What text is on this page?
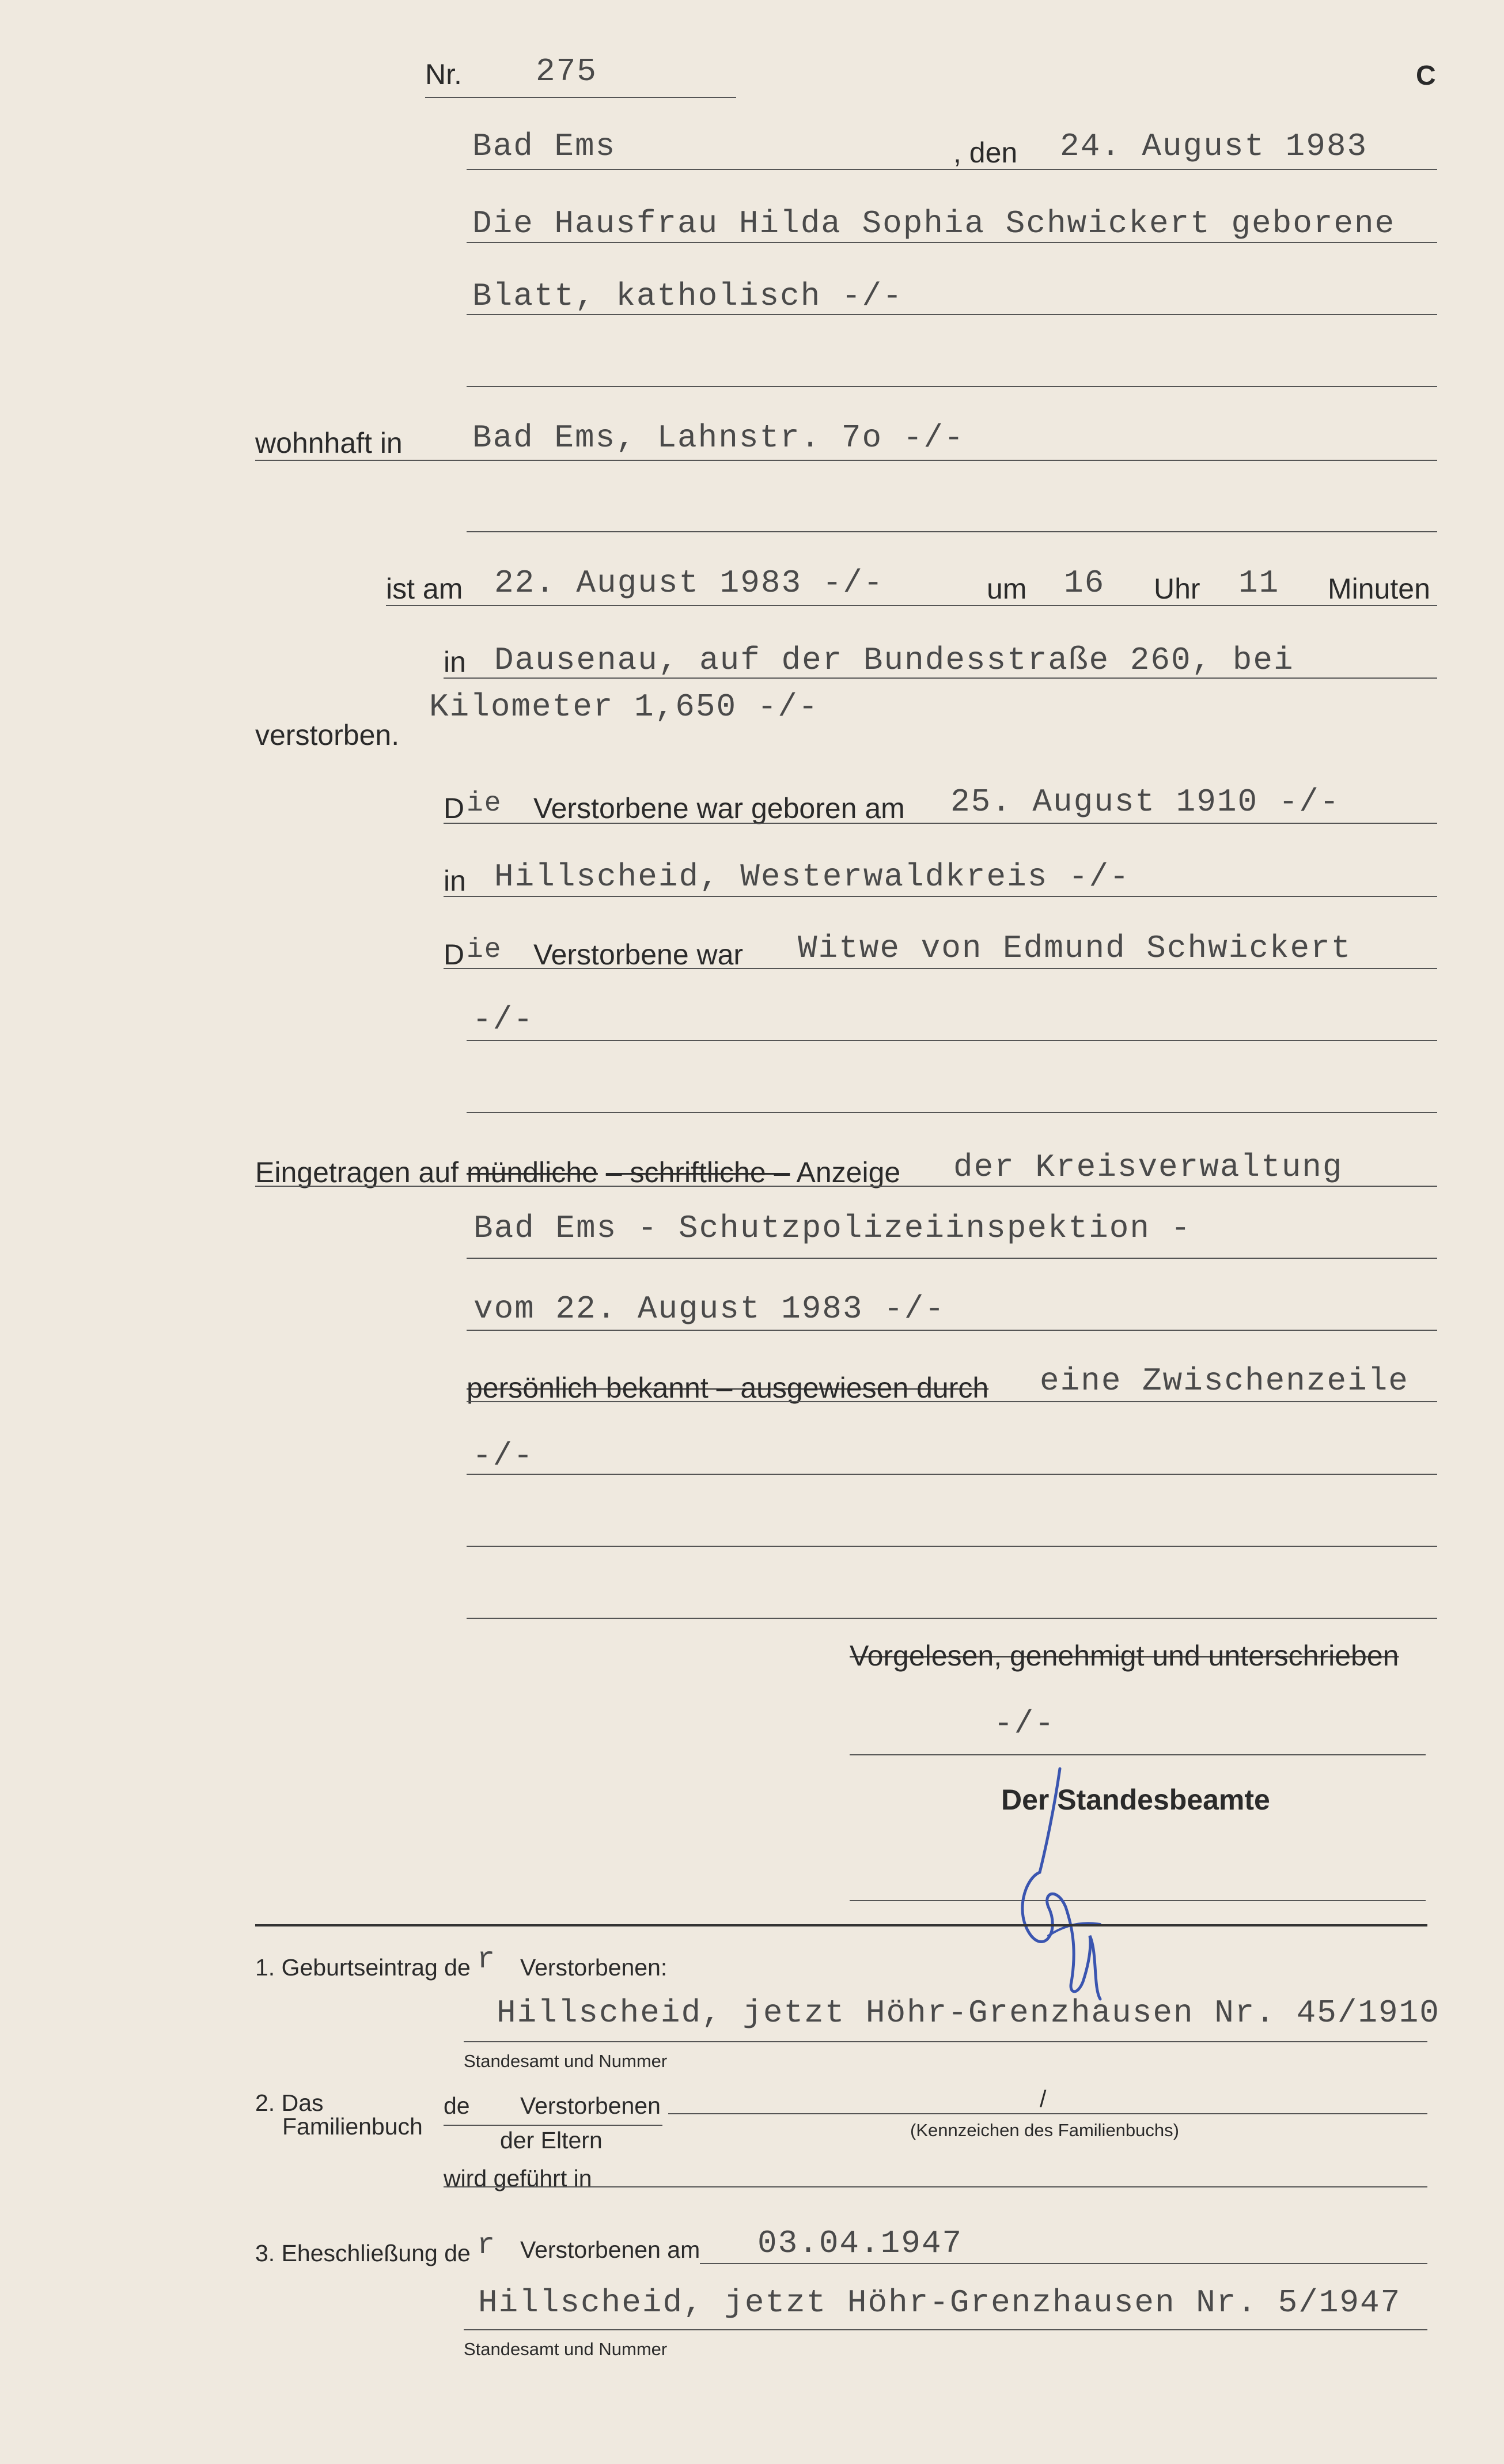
Nr. 275	C
Bad Ems	, den 24. August 1983
Die Hausfrau Hilda Sophia Schwickert geborene
Blatt, katholisch -/-
wohnhaft in Bad Ems, Lahnstr. 7o -/-
ist am 22. August 1983 -/-	um 16 Uhr 11 Minuten
in Dausenau, auf der Bundesstraße 260, bei
Kilometer 1,650 -/-
verstorben.
D ie Verstorbene war geboren am 25. August 1910 -/-
in Hillscheid, Westerwaldkreis -/-
D ie Verstorbene war Witwe von Edmund Schwickert
-/-
Eingetragen auf mündliche – schriftliche – Anzeige der Kreisverwaltung
Bad Ems - Schutzpolizeiinspektion -
vom 22. August 1983 -/-
persönlich bekannt – ausgewiesen durch eine Zwischenzeile
-/-
Vorgelesen, genehmigt und unterschrieben
-/-
Der Standesbeamte
1. Geburtseintrag de r Verstorbenen:
Hillscheid, jetzt Höhr-Grenzhausen Nr. 45/1910
Standesamt und Nummer
2. Das
Familienbuch
de Verstorbenen	/
(Kennzeichen des Familienbuchs)
der Eltern
wird geführt in
3. Eheschließung de r Verstorbenen am 03.04.1947
Hillscheid, jetzt Höhr-Grenzhausen Nr. 5/1947
Standesamt und Nummer
